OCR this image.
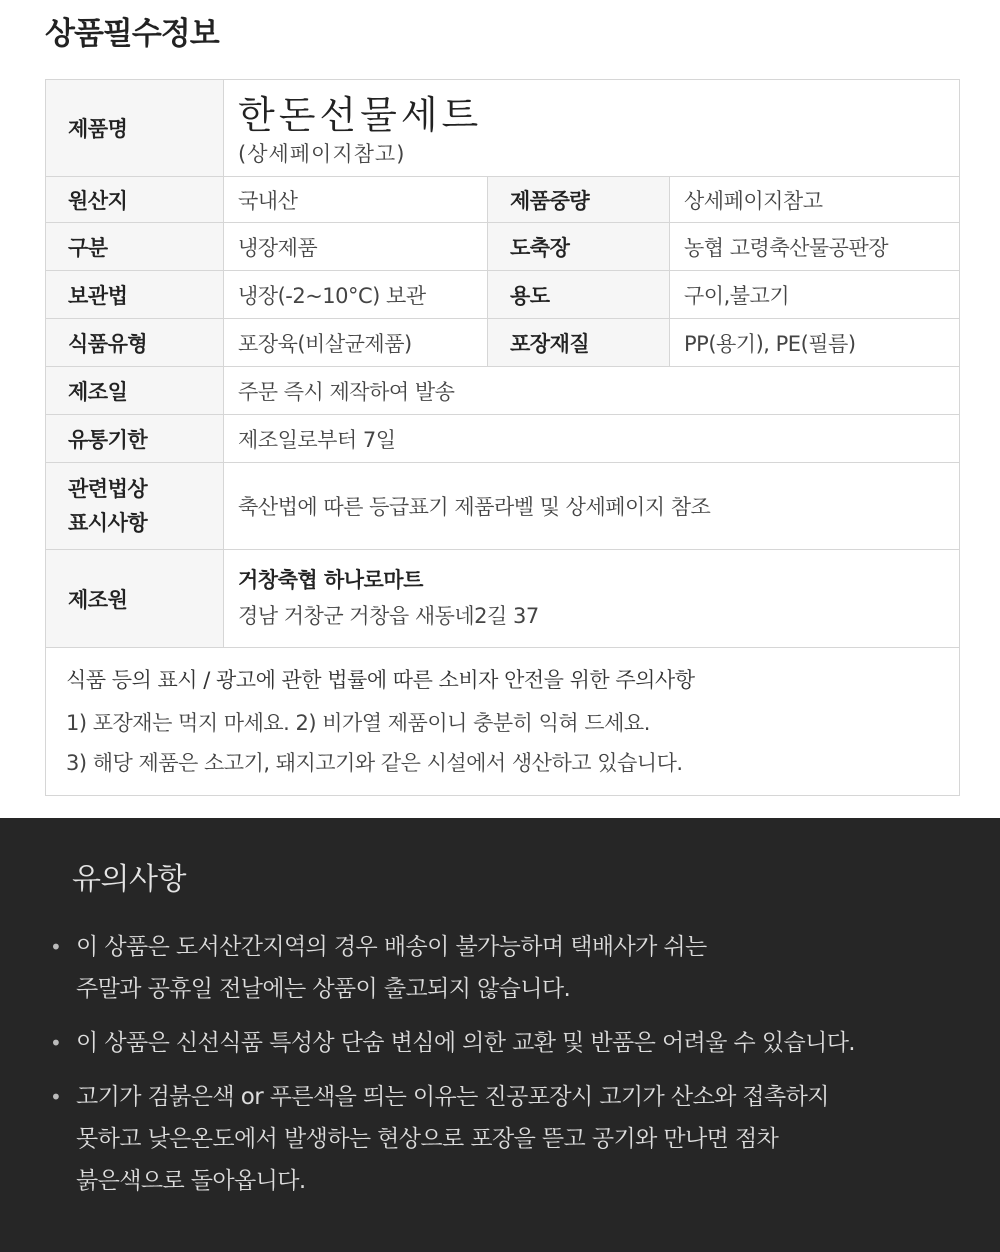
상품필수정보
제품명	한돈선물세트
(상세페이지참고)		

원산지	국내산	제품중량	상세페이지참고
구분	냉장제품	도축장	농협 고령축산물공판장
보관법	냉장(-2~10°C) 보관	용도	구이,불고기
식품유형	포장육(비살균제품)	포장재질	PP(용기), PE(필름)
제조일	주문 즉시 제작하여 발송		
유통기한	제조일로부터 7일		

관련법상
표시사항	축산법에 따른 등급표기 제품라벨 및 상세페이지 참조		
제조원	거창축협 하나로마트
경남 거창군 거창읍 새동네2길 37		

식품 등의 표시 / 광고에 관한 법률에 따른 소비자 안전을 위한 주의사항
1) 포장재는 먹지 마세요. 2) 비가열 제품이니 충분히 익혀 드세요.
3) 해당 제품은 소고기, 돼지고기와 같은 시설에서 생산하고 있습니다.			
유의사항
• 이 상품은 도서산간지역의 경우 배송이 불가능하며 택배사가 쉬는
주말과 공휴일 전날에는 상품이 출고되지 않습니다.
• 이 상품은 신선식품 특성상 단숨 변심에 의한 교환 및 반품은 어려울 수 있습니다.
• 고기가 검붉은색 or 푸른색을 띄는 이유는 진공포장시 고기가 산소와 접촉하지
못하고 낮은온도에서 발생하는 현상으로 포장을 뜯고 공기와 만나면 점차
붉은색으로 돌아옵니다.
